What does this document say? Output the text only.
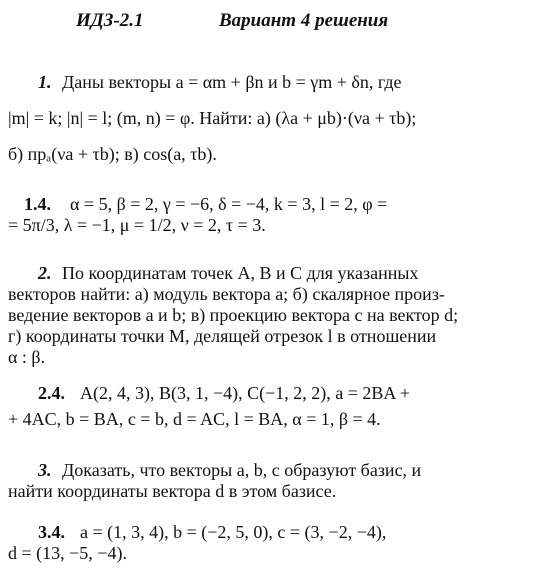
ИДЗ-2.1	Вариант 4 решения
1. Даны векторы a = αm + βn и b = γm + δn, где
|m| = k; |n| = l; (m, n) = φ. Найти: а) (λa + μb)·(νa + τb);
б) прₐ(νa + τb); в) cos(a, τb).
1.4. α = 5, β = 2, γ = −6, δ = −4, k = 3, l = 2, φ =
= 5π/3, λ = −1, μ = 1/2, ν = 2, τ = 3.
2. По координатам точек A, B и C для указанных
векторов найти: а) модуль вектора a; б) скалярное произ-
ведение векторов a и b; в) проекцию вектора c на вектор d;
г) координаты точки M, делящей отрезок l в отношении
α : β.
2.4. A(2, 4, 3), B(3, 1, −4), C(−1, 2, 2), a = 2BA +
+ 4AC, b = BA, c = b, d = AC, l = BA, α = 1, β = 4.
3. Доказать, что векторы a, b, c образуют базис, и
найти координаты вектора d в этом базисе.
3.4. a = (1, 3, 4), b = (−2, 5, 0), c = (3, −2, −4),
d = (13, −5, −4).
